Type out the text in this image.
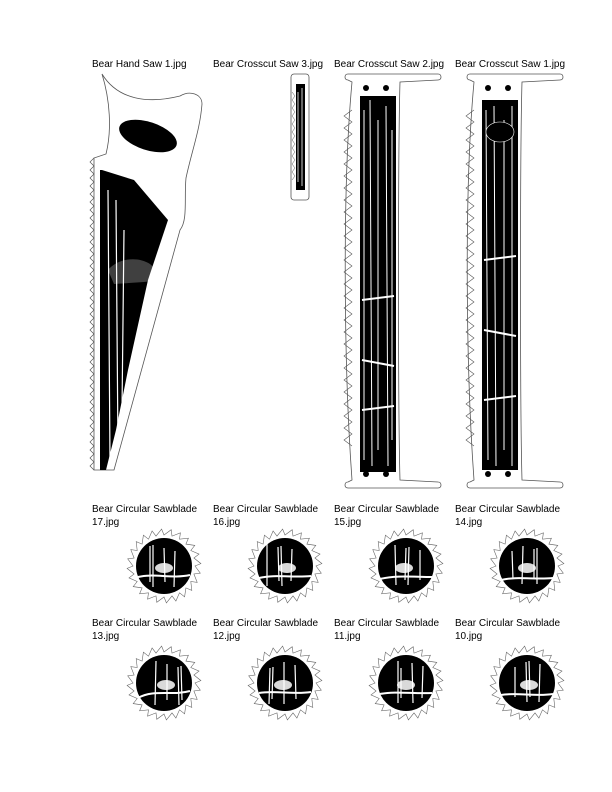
Bear Hand Saw 1.jpg	Bear Crosscut Saw 3.jpg Bear Crosscut Saw 2.jpg Bear Crosscut Saw 1.jpg
Bear Circular Sawblade
17.jpg
Bear Circular Sawblade
16.jpg
Bear Circular Sawblade
15.jpg
Bear Circular Sawblade
14.jpg
Bear Circular Sawblade
13.jpg
Bear Circular Sawblade
12.jpg
Bear Circular Sawblade
11.jpg
Bear Circular Sawblade
10.jpg
